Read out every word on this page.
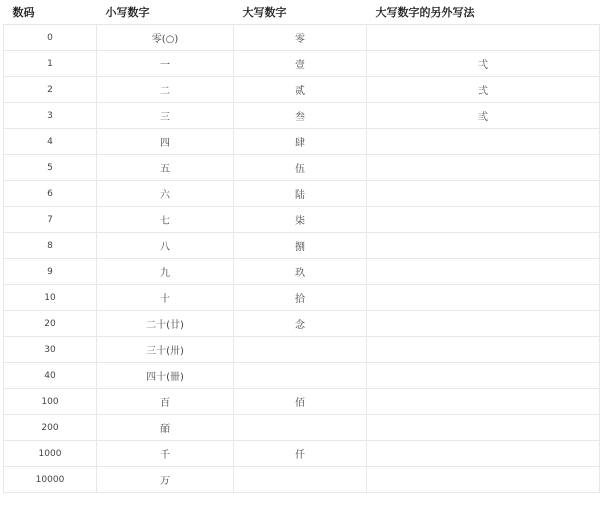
数码	小写数字	大写数字	大写数字的另外写法
0	零(○)	零	
1	一	壹	弌
2	二	贰	弍
3	三	叁	弎
4	四	肆	
5	五	伍	
6	六	陆	
7	七	柒	
8	八	捌	
9	九	玖	
10	十	拾	
20	二十(廿)	念	
30	三十(卅)		
40	四十(卌)		
100	百	佰	
200	皕		
1000	千	仟	
10000	万		
